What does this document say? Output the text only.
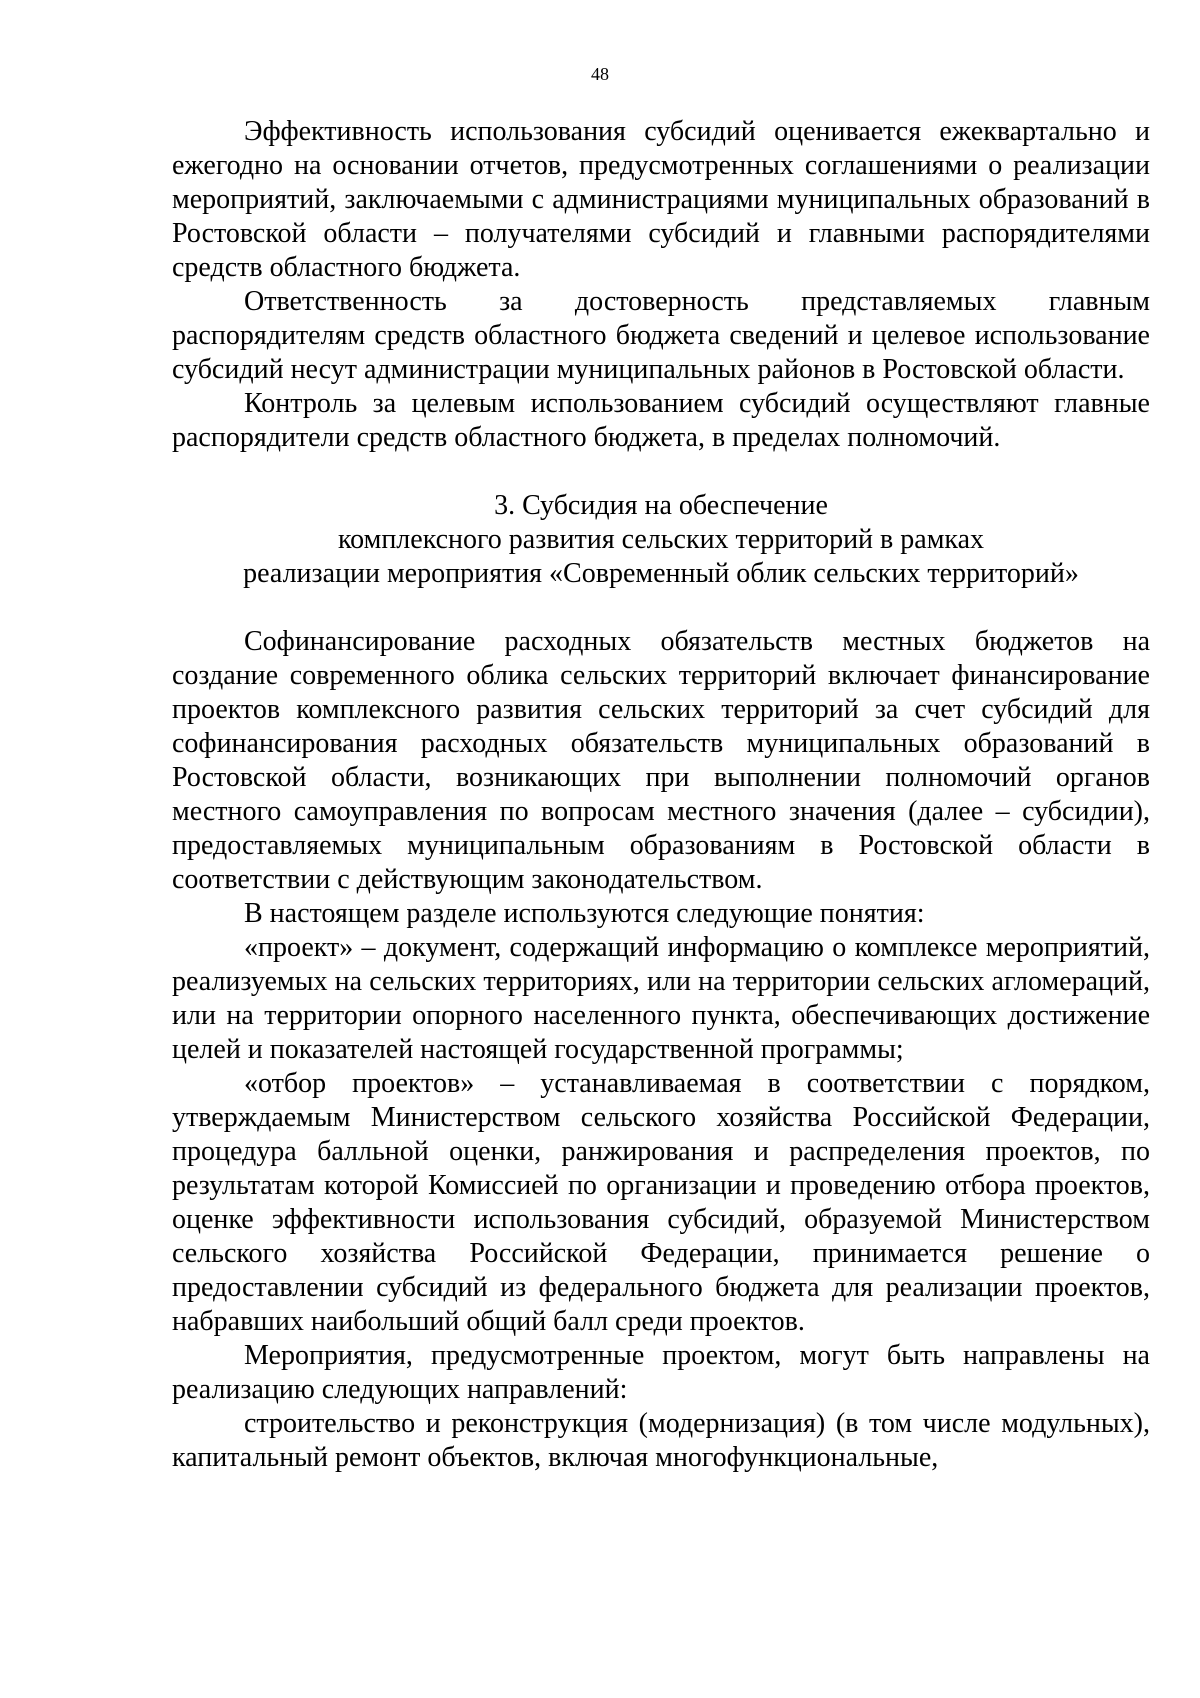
48

Эффективность использования субсидий оценивается ежеквартально и ежегодно на основании отчетов, предусмотренных соглашениями о реализации мероприятий, заключаемыми с администрациями муниципальных образований в Ростовской области – получателями субсидий и главными распорядителями средств областного бюджета.

Ответственность за достоверность представляемых главным распорядителям средств областного бюджета сведений и целевое использование субсидий несут администрации муниципальных районов в Ростовской области.

Контроль за целевым использованием субсидий осуществляют главные распорядители средств областного бюджета, в пределах полномочий.

3. Субсидия на обеспечение
комплексного развития сельских территорий в рамках
реализации мероприятия «Современный облик сельских территорий»

Софинансирование расходных обязательств местных бюджетов на создание современного облика сельских территорий включает финансирование проектов комплексного развития сельских территорий за счет субсидий для софинансирования расходных обязательств муниципальных образований в Ростовской области, возникающих при выполнении полномочий органов местного самоуправления по вопросам местного значения (далее – субсидии), предоставляемых муниципальным образованиям в Ростовской области в соответствии с действующим законодательством.

В настоящем разделе используются следующие понятия:

«проект» – документ, содержащий информацию о комплексе мероприятий, реализуемых на сельских территориях, или на территории сельских агломераций, или на территории опорного населенного пункта, обеспечивающих достижение целей и показателей настоящей государственной программы;

«отбор проектов» – устанавливаемая в соответствии с порядком, утверждаемым Министерством сельского хозяйства Российской Федерации, процедура балльной оценки, ранжирования и распределения проектов, по результатам которой Комиссией по организации и проведению отбора проектов, оценке эффективности использования субсидий, образуемой Министерством сельского хозяйства Российской Федерации, принимается решение о предоставлении субсидий из федерального бюджета для реализации проектов, набравших наибольший общий балл среди проектов.

Мероприятия, предусмотренные проектом, могут быть направлены на реализацию следующих направлений:

строительство и реконструкция (модернизация) (в том числе модульных), капитальный ремонт объектов, включая многофункциональные,
